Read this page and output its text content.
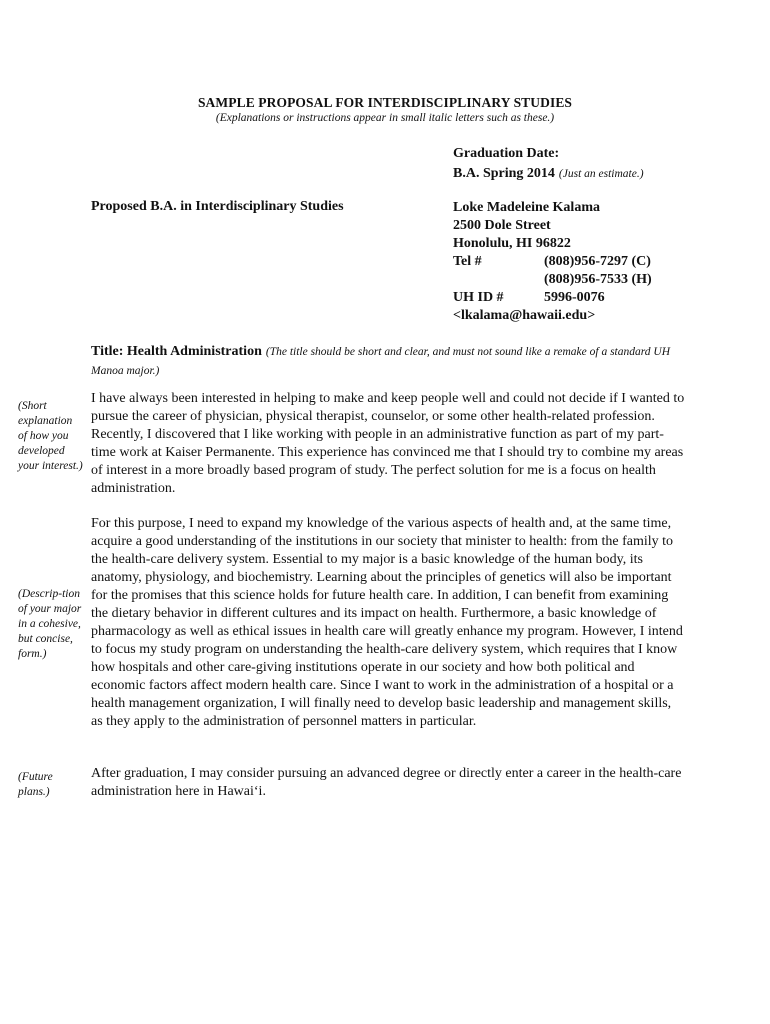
SAMPLE PROPOSAL FOR INTERDISCIPLINARY STUDIES
(Explanations or instructions appear in small italic letters such as these.)
Graduation Date:
B.A. Spring 2014 (Just an estimate.)
Proposed B.A. in Interdisciplinary Studies	Loke Madeleine Kalama
2500 Dole Street
Honolulu, HI 96822
Tel #	(808)956-7297 (C)
(808)956-7533 (H)
UH ID #	5996-0076
<lkalama@hawaii.edu>
Title: Health Administration (The title should be short and clear, and must not sound like a remake of a standard UH Manoa major.)
(Short explanation of how you developed your interest.)
I have always been interested in helping to make and keep people well and could not decide if I wanted to pursue the career of physician, physical therapist, counselor, or some other health-related profession. Recently, I discovered that I like working with people in an administrative function as part of my part-time work at Kaiser Permanente. This experience has convinced me that I should try to combine my areas of interest in a more broadly based program of study. The perfect solution for me is a focus on health administration.
(Descrip-tion of your major in a cohesive, but concise, form.)
For this purpose, I need to expand my knowledge of the various aspects of health and, at the same time, acquire a good understanding of the institutions in our society that minister to health: from the family to the health-care delivery system. Essential to my major is a basic knowledge of the human body, its anatomy, physiology, and biochemistry. Learning about the principles of genetics will also be important for the promises that this science holds for future health care. In addition, I can benefit from examining the dietary behavior in different cultures and its impact on health. Furthermore, a basic knowledge of pharmacology as well as ethical issues in health care will greatly enhance my program. However, I intend to focus my study program on understanding the health-care delivery system, which requires that I know how hospitals and other care-giving institutions operate in our society and how both political and economic factors affect modern health care. Since I want to work in the administration of a hospital or a health management organization, I will finally need to develop basic leadership and management skills, as they apply to the administration of personnel matters in particular.
(Future plans.)
After graduation, I may consider pursuing an advanced degree or directly enter a career in the health-care administration here in Hawai‘i.
